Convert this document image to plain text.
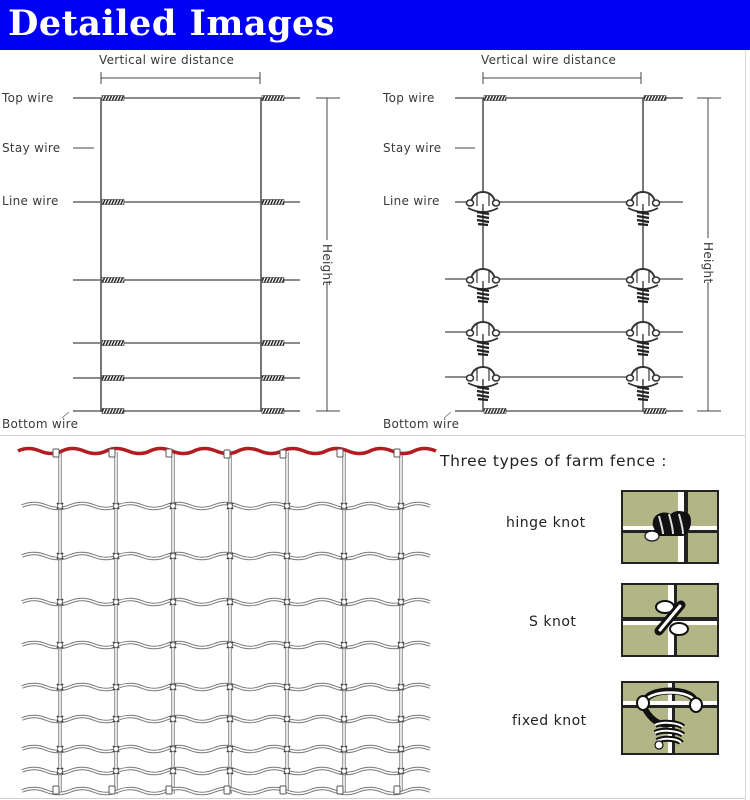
Detailed Images
Vertical wire distance
Top wire
Stay wire
Line wire
Bottom wire
Height
Vertical wire distance
Top wire
Stay wire
Line wire
Bottom wire
Height
Three types of farm fence :
hinge knot
S knot
fixed knot
